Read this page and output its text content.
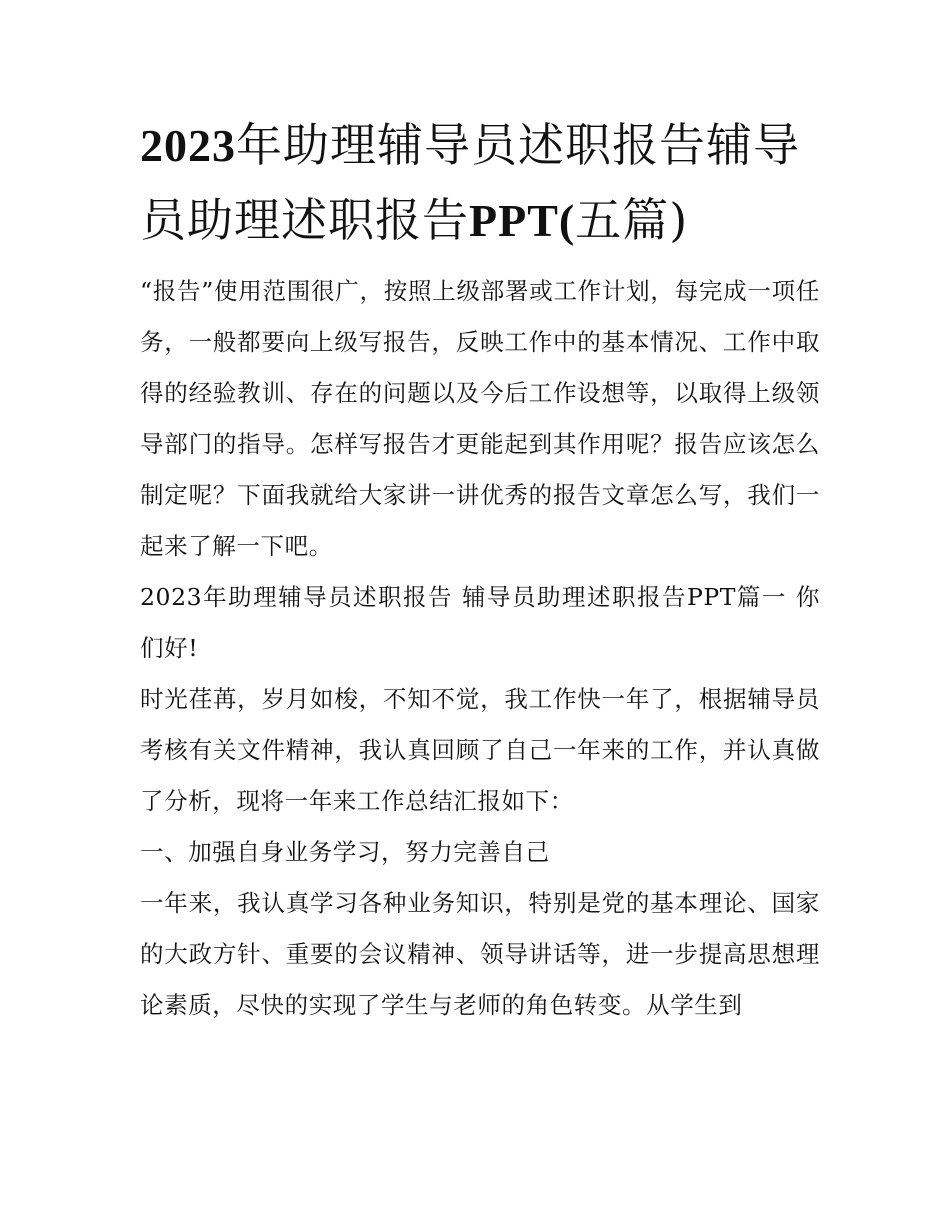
2023年助理辅导员述职报告辅导员助理述职报告PPT(五篇)

“报告”使用范围很广，按照上级部署或工作计划，每完成一项任务，一般都要向上级写报告，反映工作中的基本情况、工作中取得的经验教训、存在的问题以及今后工作设想等，以取得上级领导部门的指导。怎样写报告才更能起到其作用呢？报告应该怎么制定呢？下面我就给大家讲一讲优秀的报告文章怎么写，我们一起来了解一下吧。

2023年助理辅导员述职报告 辅导员助理述职报告PPT篇一 你们好!

时光荏苒，岁月如梭，不知不觉，我工作快一年了，根据辅导员考核有关文件精神，我认真回顾了自己一年来的工作，并认真做了分析，现将一年来工作总结汇报如下：

一、加强自身业务学习，努力完善自己

一年来，我认真学习各种业务知识，特别是党的基本理论、国家的大政方针、重要的会议精神、领导讲话等，进一步提高思想理论素质，尽快的实现了学生与老师的角色转变。从学生到
